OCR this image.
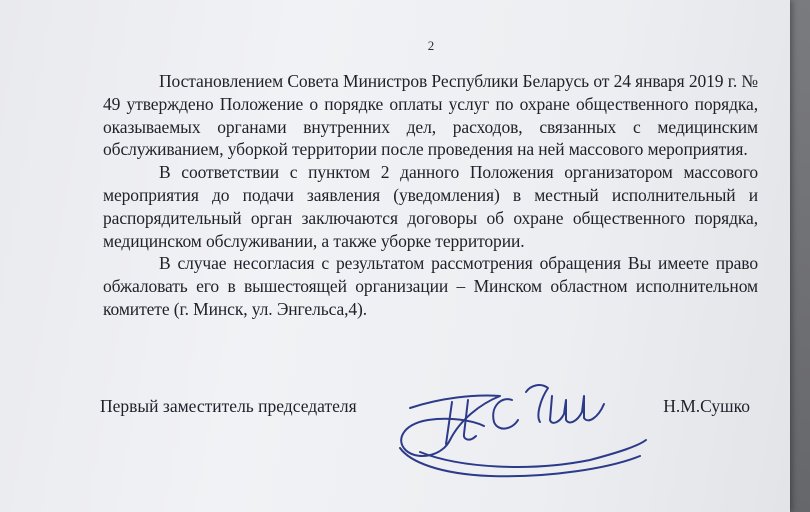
2

Постановлением Совета Министров Республики Беларусь от 24 января 2019 г. № 49 утверждено Положение о порядке оплаты услуг по охране общественного порядка, оказываемых органами внутренних дел, расходов, связанных с медицинским обслуживанием, уборкой территории после проведения на ней массового мероприятия.

В соответствии с пунктом 2 данного Положения организатором массового мероприятия до подачи заявления (уведомления) в местный исполнительный и распорядительный орган заключаются договоры об охране общественного порядка, медицинском обслуживании, а также уборке территории.

В случае несогласия с результатом рассмотрения обращения Вы имеете право обжаловать его в вышестоящей организации – Минском областном исполнительном комитете (г. Минск, ул. Энгельса,4).

Первый заместитель председателя	Н.М.Сушко
